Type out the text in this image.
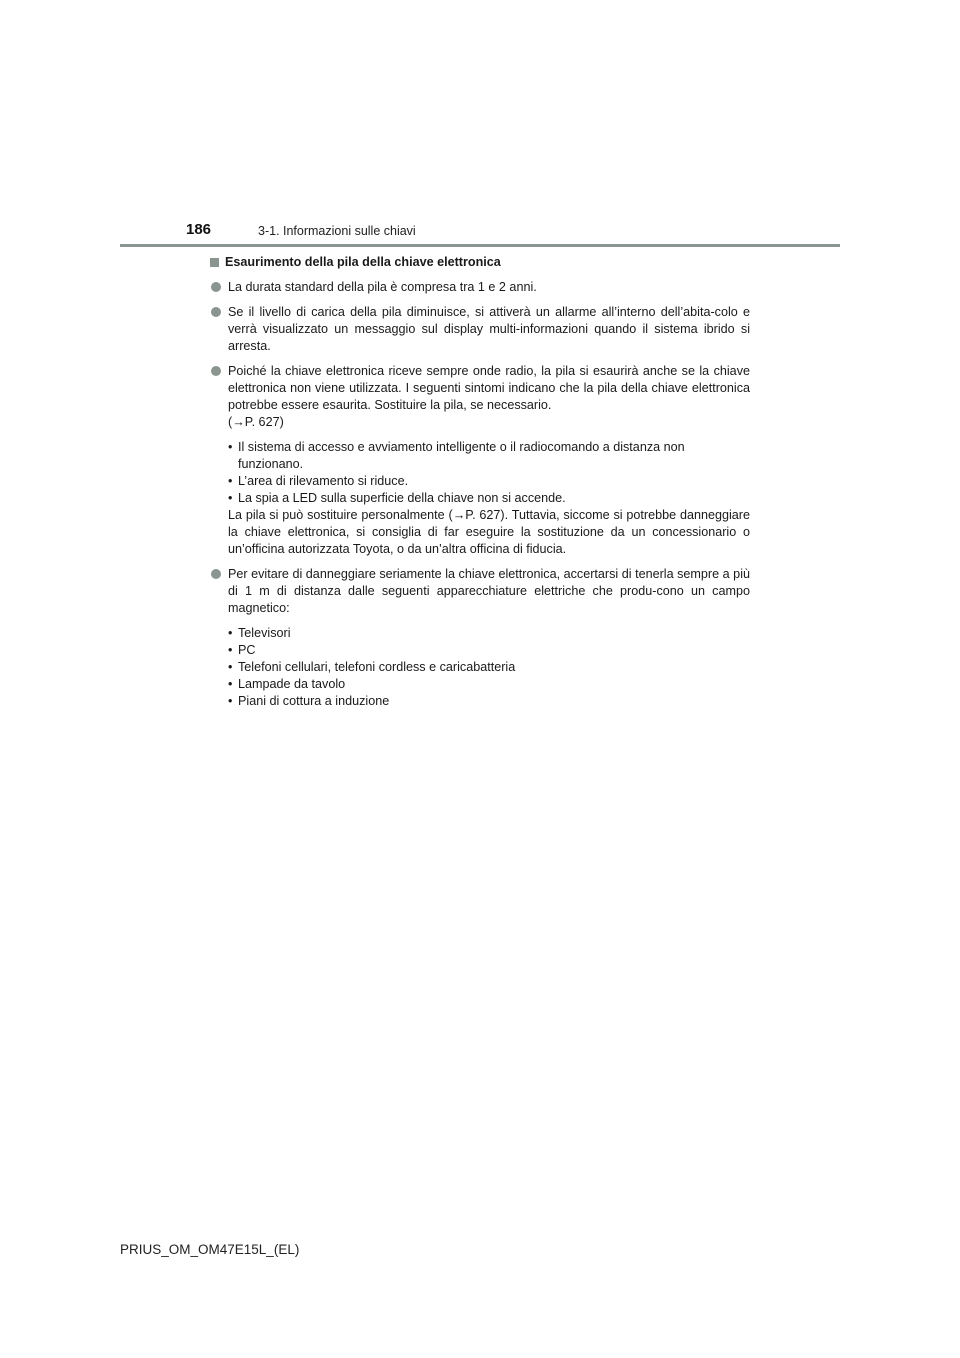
186	3-1. Informazioni sulle chiavi
Esaurimento della pila della chiave elettronica
La durata standard della pila è compresa tra 1 e 2 anni.
Se il livello di carica della pila diminuisce, si attiverà un allarme all’interno dell’abita-colo e verrà visualizzato un messaggio sul display multi-informazioni quando il sistema ibrido si arresta.
Poiché la chiave elettronica riceve sempre onde radio, la pila si esaurirà anche se la chiave elettronica non viene utilizzata. I seguenti sintomi indicano che la pila della chiave elettronica potrebbe essere esaurita. Sostituire la pila, se necessario.
(→P. 627)
• Il sistema di accesso e avviamento intelligente o il radiocomando a distanza non funzionano.
• L’area di rilevamento si riduce.
• La spia a LED sulla superficie della chiave non si accende.
La pila si può sostituire personalmente (→P. 627). Tuttavia, siccome si potrebbe danneggiare la chiave elettronica, si consiglia di far eseguire la sostituzione da un concessionario o un’officina autorizzata Toyota, o da un’altra officina di fiducia.
Per evitare di danneggiare seriamente la chiave elettronica, accertarsi di tenerla sempre a più di 1 m di distanza dalle seguenti apparecchiature elettriche che produ-cono un campo magnetico:
• Televisori
• PC
• Telefoni cellulari, telefoni cordless e caricabatteria
• Lampade da tavolo
• Piani di cottura a induzione
PRIUS_OM_OM47E15L_(EL)
